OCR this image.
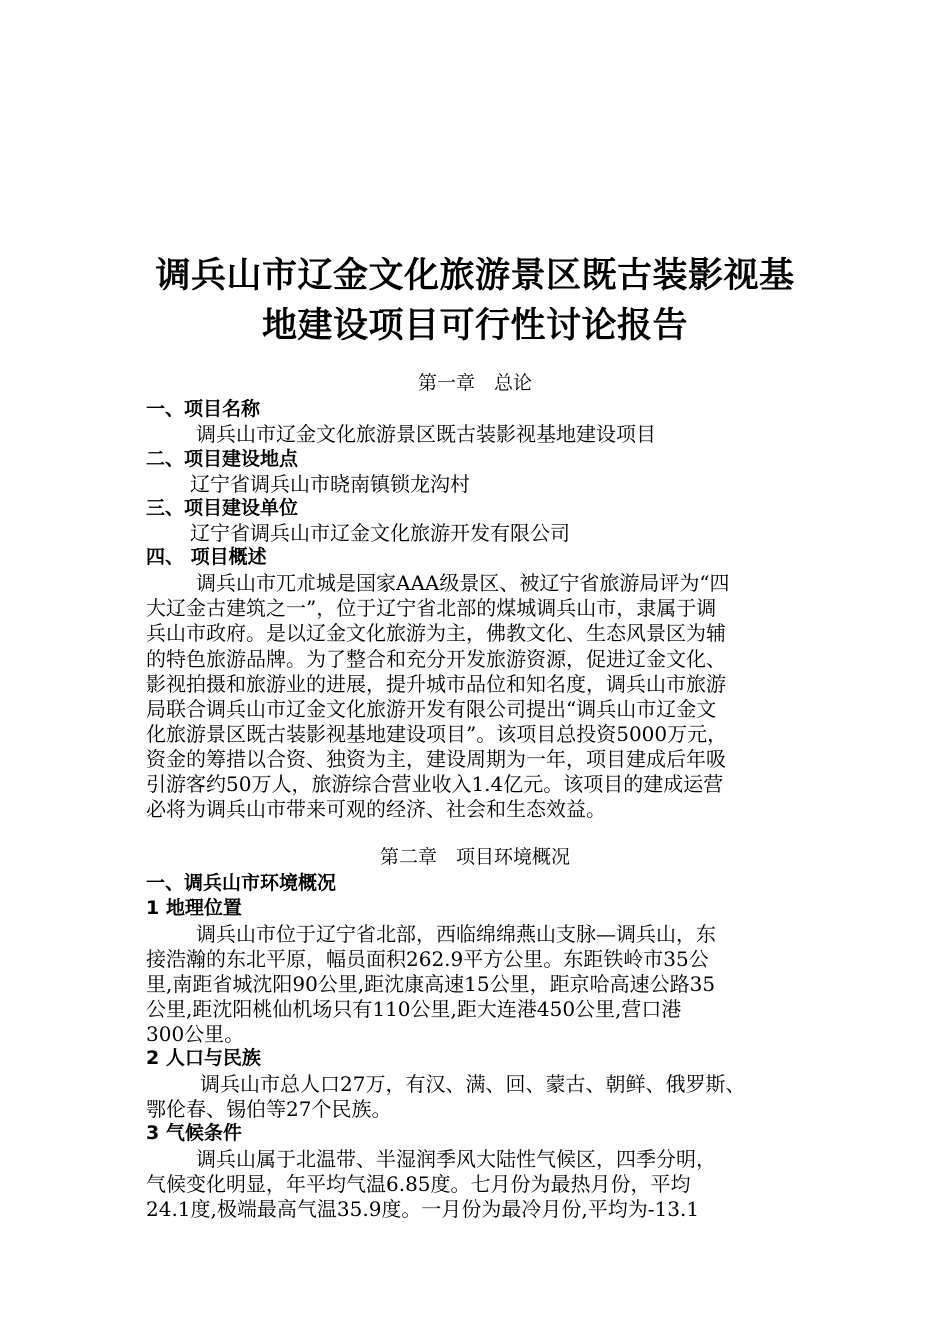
调兵山市辽金文化旅游景区既古装影视基
地建设项目可行性讨论报告
第一章　总论
一、项目名称
调兵山市辽金文化旅游景区既古装影视基地建设项目
二、项目建设地点
辽宁省调兵山市晓南镇锁龙沟村
三、项目建设单位
辽宁省调兵山市辽金文化旅游开发有限公司
四、 项目概述
调兵山市兀朮城是国家AAA级景区、被辽宁省旅游局评为“四
大辽金古建筑之一”，位于辽宁省北部的煤城调兵山市，隶属于调
兵山市政府。是以辽金文化旅游为主，佛教文化、生态风景区为辅
的特色旅游品牌。为了整合和充分开发旅游资源，促进辽金文化、
影视拍摄和旅游业的进展，提升城市品位和知名度，调兵山市旅游
局联合调兵山市辽金文化旅游开发有限公司提出“调兵山市辽金文
化旅游景区既古装影视基地建设项目”。该项目总投资5000万元，
资金的筹措以合资、独资为主，建设周期为一年，项目建成后年吸
引游客约50万人，旅游综合营业收入1.4亿元。该项目的建成运营
必将为调兵山市带来可观的经济、社会和生态效益。
第二章　项目环境概况
一、调兵山市环境概况
1 地理位置
调兵山市位于辽宁省北部，西临绵绵燕山支脉—调兵山，东
接浩瀚的东北平原，幅员面积262.9平方公里。东距铁岭市35公
里,南距省城沈阳90公里,距沈康高速15公里，距京哈高速公路35
公里,距沈阳桃仙机场只有110公里,距大连港450公里,营口港
300公里。
2 人口与民族
调兵山市总人口27万，有汉、满、回、蒙古、朝鲜、俄罗斯、
鄂伦春、锡伯等27个民族。
3 气候条件
调兵山属于北温带、半湿润季风大陆性气候区，四季分明，
气候变化明显，年平均气温6.85度。七月份为最热月份，平均
24.1度,极端最高气温35.9度。一月份为最冷月份,平均为-13.1
